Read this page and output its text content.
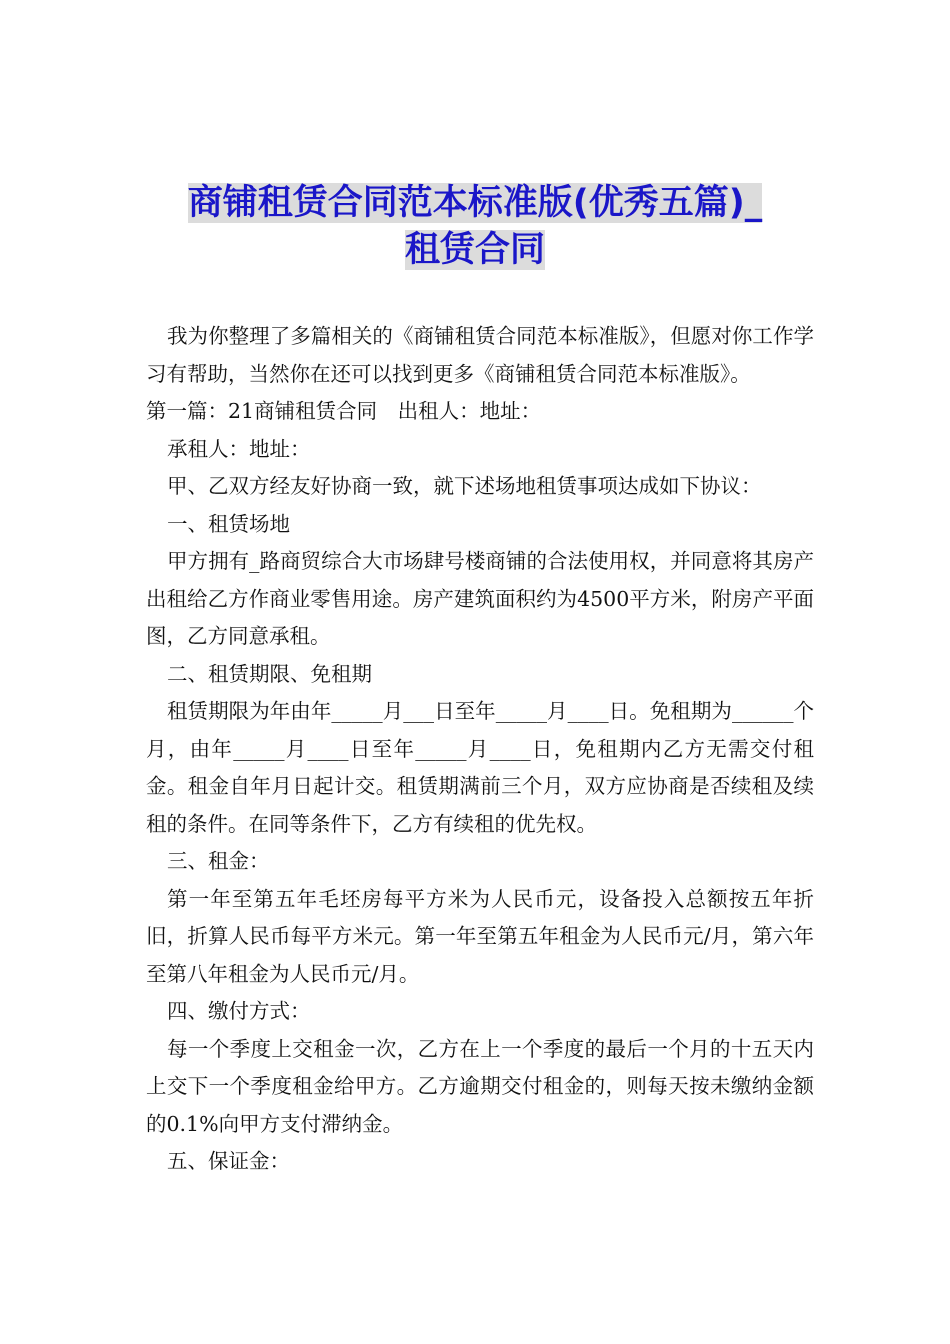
商铺租赁合同范本标准版(优秀五篇)_
租赁合同

我为你整理了多篇相关的《商铺租赁合同范本标准版》，但愿对你工作学习有帮助，当然你在还可以找到更多《商铺租赁合同范本标准版》。

第一篇：21商铺租赁合同　出租人：地址：

承租人：地址：

甲、乙双方经友好协商一致，就下述场地租赁事项达成如下协议：

一、租赁场地

甲方拥有_路商贸综合大市场肆号楼商铺的合法使用权，并同意将其房产出租给乙方作商业零售用途。房产建筑面积约为4500平方米，附房产平面图，乙方同意承租。

二、租赁期限、免租期

租赁期限为年由年_____月___日至年_____月____日。免租期为______个月，由年_____月____日至年_____月____日，免租期内乙方无需交付租金。租金自年月日起计交。租赁期满前三个月，双方应协商是否续租及续租的条件。在同等条件下，乙方有续租的优先权。

三、租金：

第一年至第五年毛坯房每平方米为人民币元，设备投入总额按五年折旧，折算人民币每平方米元。第一年至第五年租金为人民币元/月，第六年至第八年租金为人民币元/月。

四、缴付方式：

每一个季度上交租金一次，乙方在上一个季度的最后一个月的十五天内上交下一个季度租金给甲方。乙方逾期交付租金的，则每天按未缴纳金额的0.1%向甲方支付滞纳金。

五、保证金：
